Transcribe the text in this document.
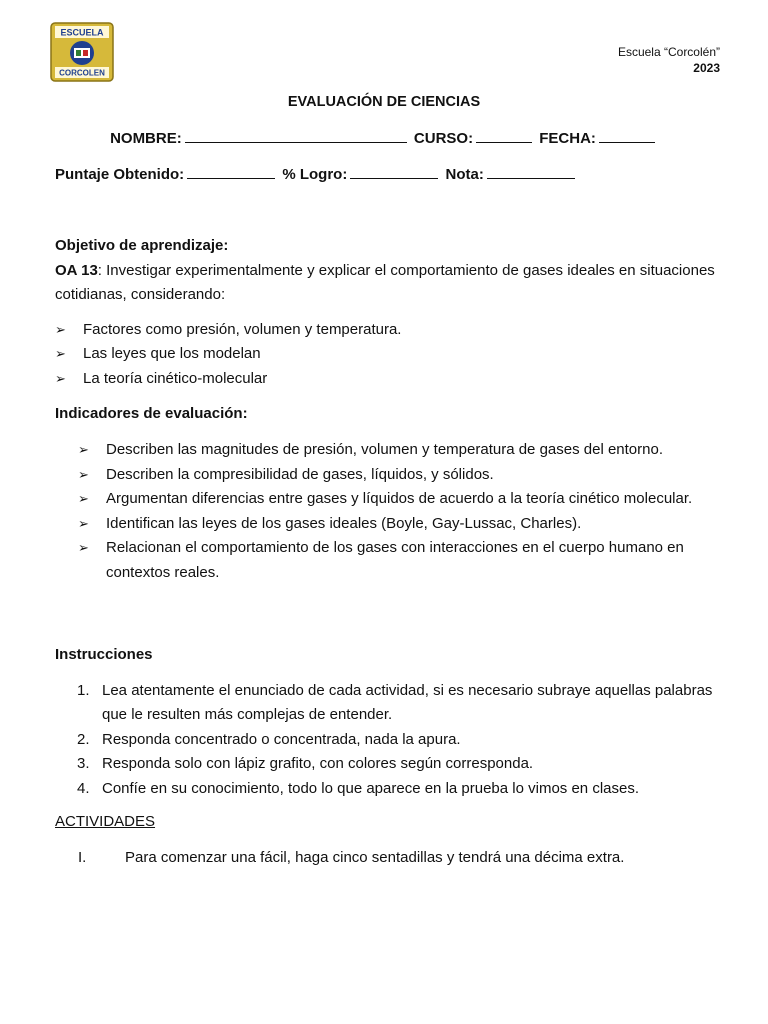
ESCUELA
CORCOLEN
Escuela “Corcolén”
2023
EVALUACIÓN DE CIENCIAS
NOMBRE:	CURSO:	FECHA:
Puntaje Obtenido:	% Logro:	Nota:
Objetivo de aprendizaje:
OA 13: Investigar experimentalmente y explicar el comportamiento de gases ideales en situaciones cotidianas, considerando:
➢ Factores como presión, volumen y temperatura.
➢ Las leyes que los modelan
➢ La teoría cinético-molecular
Indicadores de evaluación:
➢ Describen las magnitudes de presión, volumen y temperatura de gases del entorno.
➢ Describen la compresibilidad de gases, líquidos, y sólidos.
➢ Argumentan diferencias entre gases y líquidos de acuerdo a la teoría cinético molecular.
➢ Identifican las leyes de los gases ideales (Boyle, Gay-Lussac, Charles).
➢ Relacionan el comportamiento de los gases con interacciones en el cuerpo humano en contextos reales.
Instrucciones
1. Lea atentamente el enunciado de cada actividad, si es necesario subraye aquellas palabras que le resulten más complejas de entender.
2. Responda concentrado o concentrada, nada la apura.
3. Responda solo con lápiz grafito, con colores según corresponda.
4. Confíe en su conocimiento, todo lo que aparece en la prueba lo vimos en clases.
ACTIVIDADES
I.	Para comenzar una fácil, haga cinco sentadillas y tendrá una décima extra.
